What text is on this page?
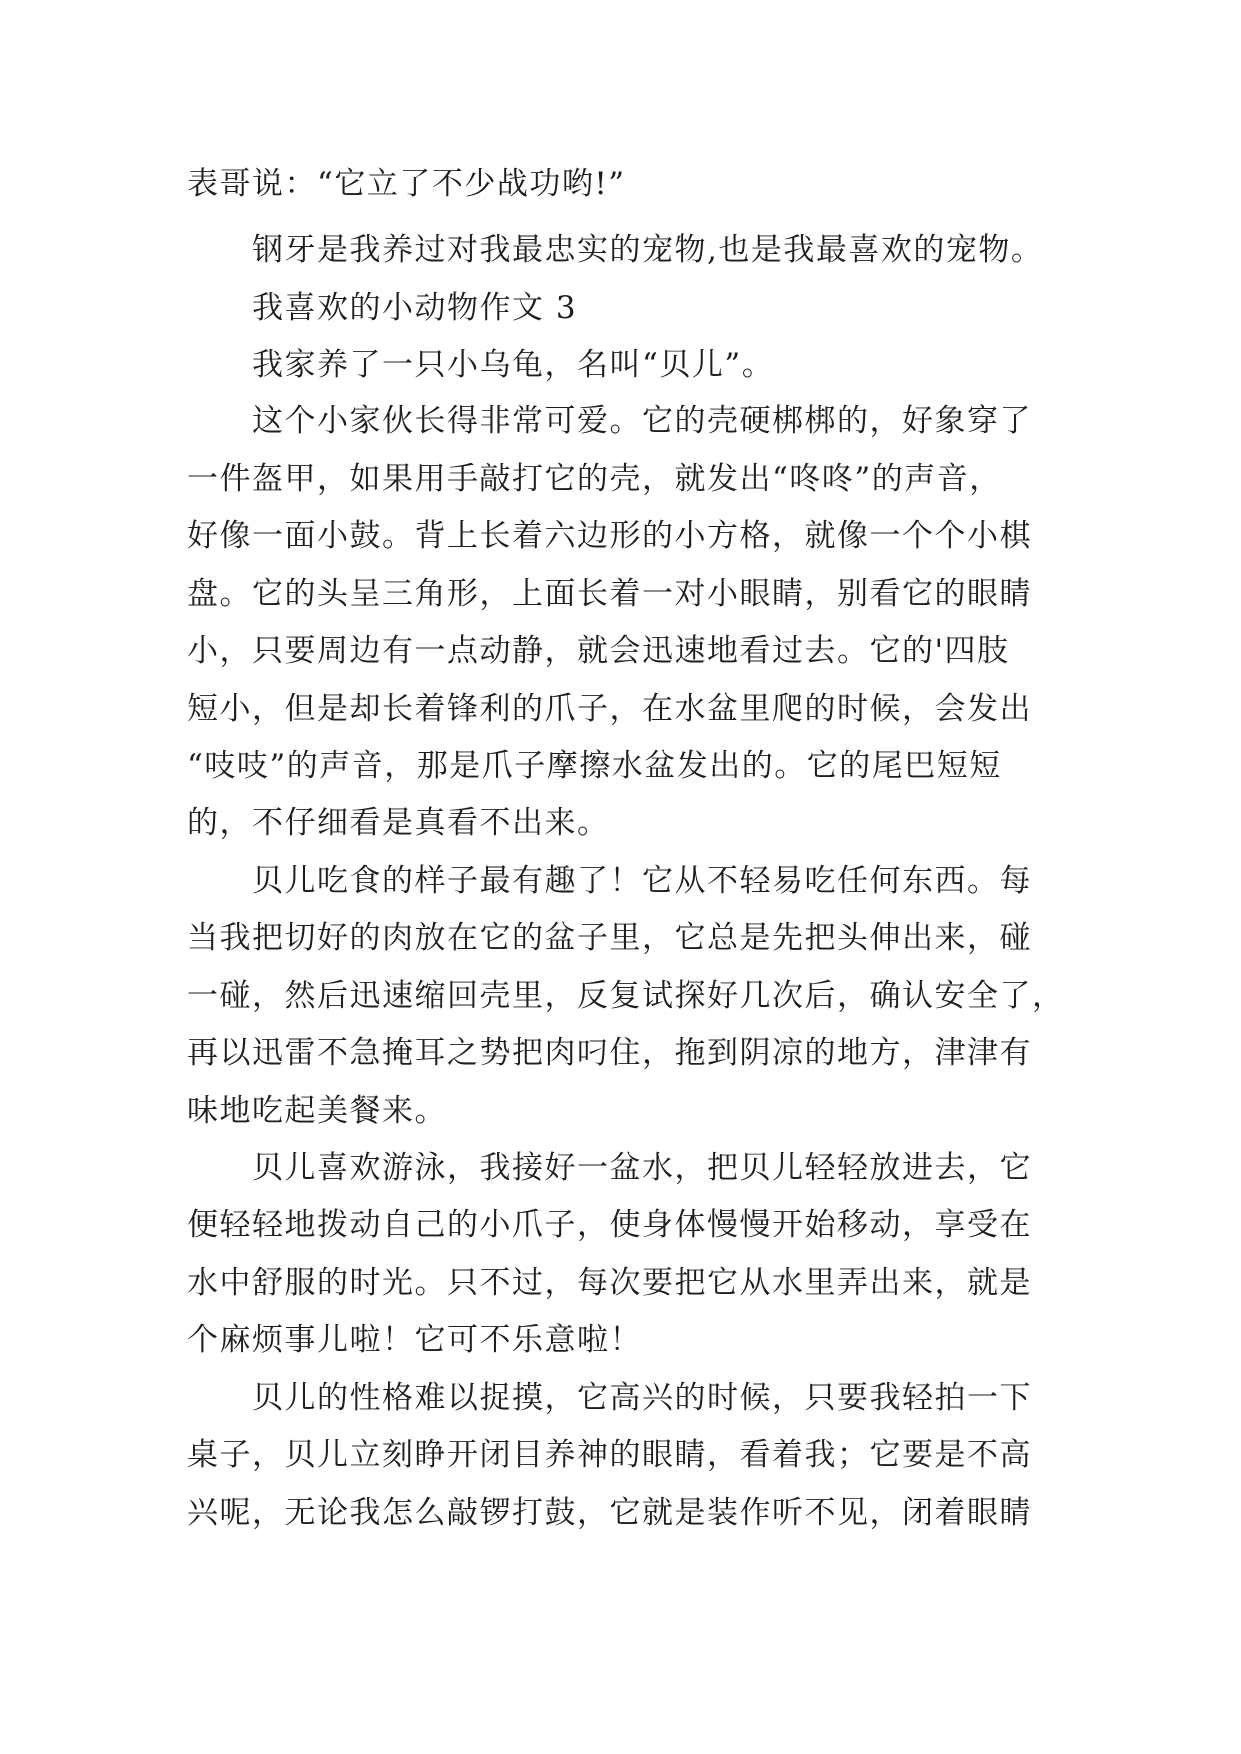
表哥说：“它立了不少战功哟!”
钢牙是我养过对我最忠实的宠物,也是我最喜欢的宠物。
我喜欢的小动物作文 3
我家养了一只小乌龟，名叫“贝儿”。
这个小家伙长得非常可爱。它的壳硬梆梆的，好象穿了
一件盔甲，如果用手敲打它的壳，就发出“咚咚”的声音，
好像一面小鼓。背上长着六边形的小方格，就像一个个小棋
盘。它的头呈三角形，上面长着一对小眼睛，别看它的眼睛
小，只要周边有一点动静，就会迅速地看过去。它的'四肢
短小，但是却长着锋利的爪子，在水盆里爬的时候，会发出
“吱吱”的声音，那是爪子摩擦水盆发出的。它的尾巴短短
的，不仔细看是真看不出来。
贝儿吃食的样子最有趣了！它从不轻易吃任何东西。每
当我把切好的肉放在它的盆子里，它总是先把头伸出来，碰
一碰，然后迅速缩回壳里，反复试探好几次后，确认安全了，
再以迅雷不急掩耳之势把肉叼住，拖到阴凉的地方，津津有
味地吃起美餐来。
贝儿喜欢游泳，我接好一盆水，把贝儿轻轻放进去，它
便轻轻地拨动自己的小爪子，使身体慢慢开始移动，享受在
水中舒服的时光。只不过，每次要把它从水里弄出来，就是
个麻烦事儿啦！它可不乐意啦！
贝儿的性格难以捉摸，它高兴的时候，只要我轻拍一下
桌子，贝儿立刻睁开闭目养神的眼睛，看着我；它要是不高
兴呢，无论我怎么敲锣打鼓，它就是装作听不见，闭着眼睛
